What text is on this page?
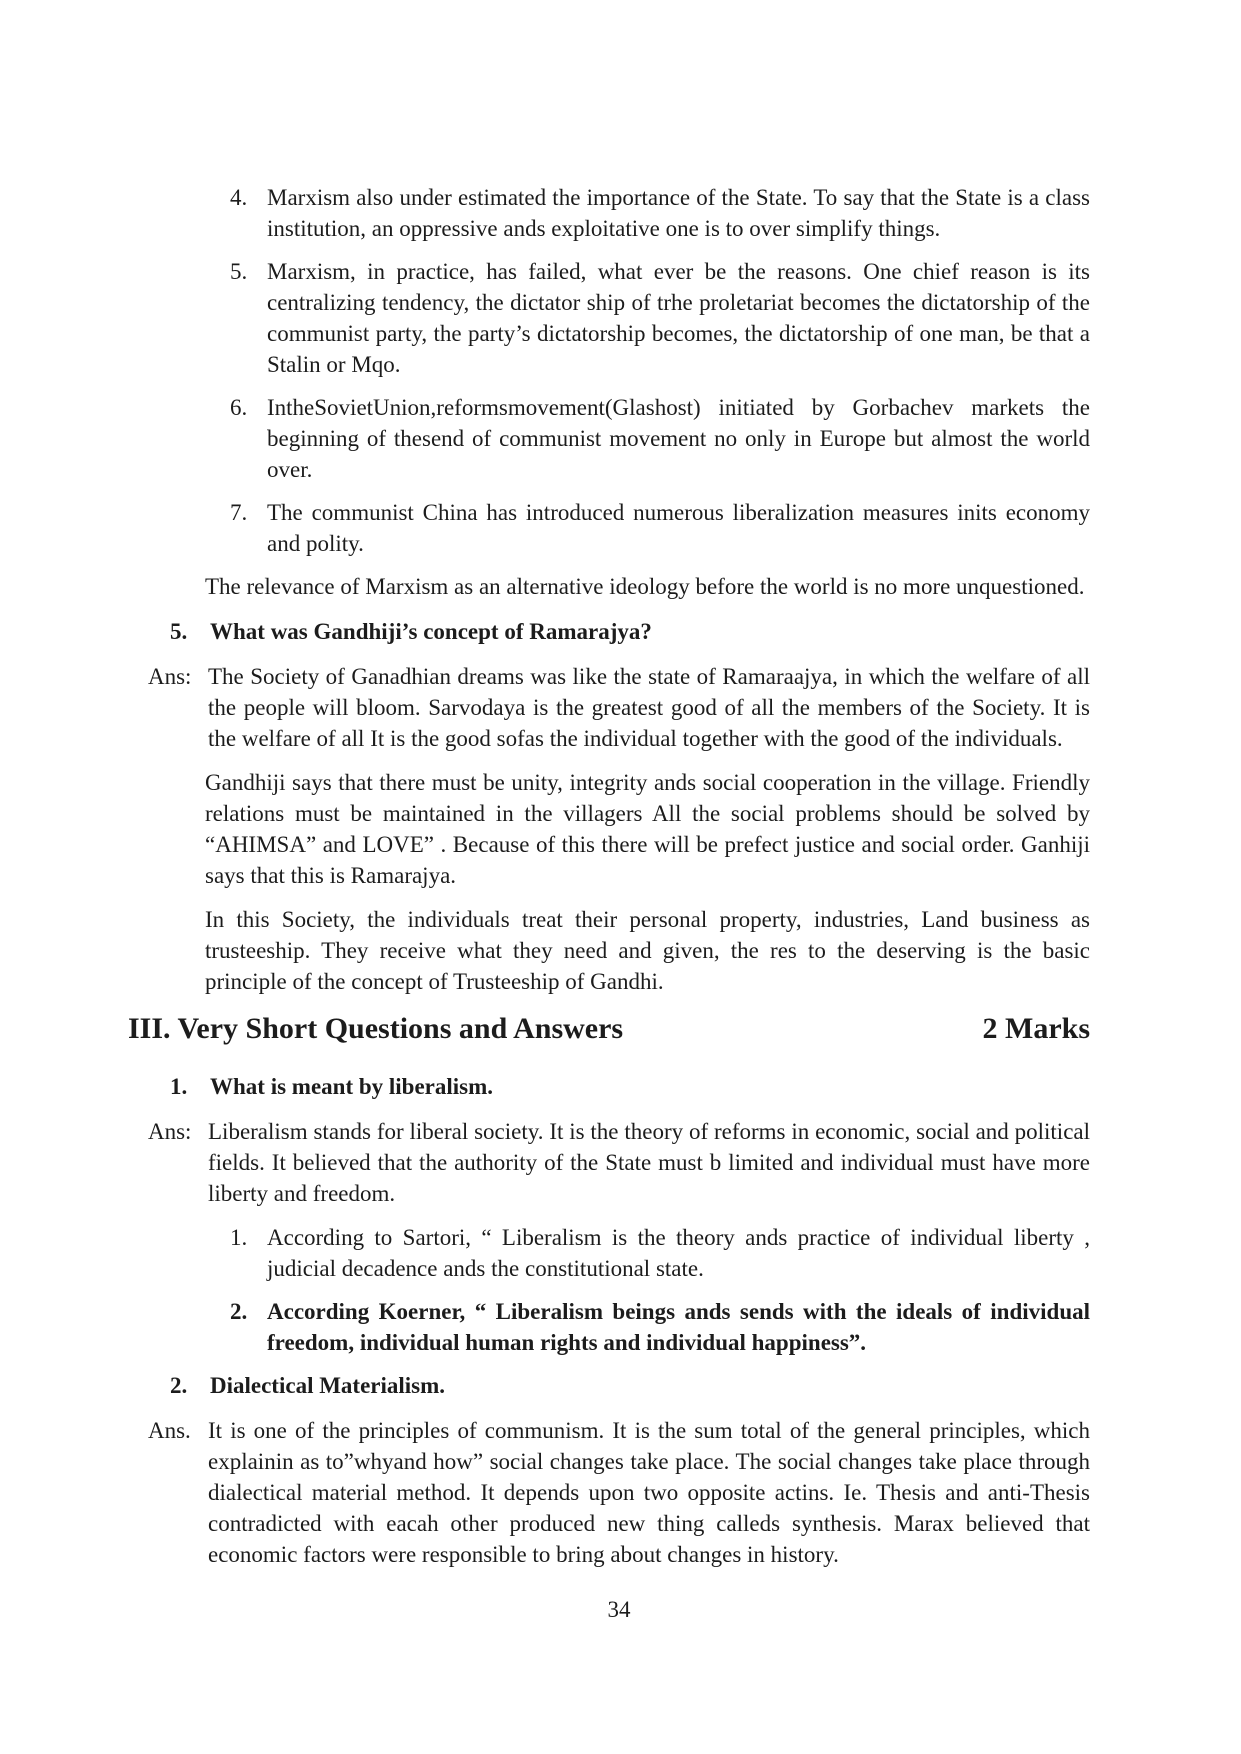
4. Marxism also under estimated the importance of the State. To say that the State is a class institution, an oppressive ands exploitative one is to over simplify things.
5. Marxism, in practice, has failed, what ever be the reasons. One chief reason is its centralizing tendency, the dictator ship of trhe proletariat becomes the dictatorship of the communist party, the party’s dictatorship becomes, the dictatorship of one man, be that a Stalin or Mqo.
6. IntheSovietUnion,reformsmovement(Glashost) initiated by Gorbachev markets the beginning of thesend of communist movement no only in Europe but almost the world over.
7. The communist China has introduced numerous liberalization measures inits economy and polity.

The relevance of Marxism as an alternative ideology before the world is no more unquestioned.

5. What was Gandhiji’s concept of Ramarajya?
Ans: The Society of Ganadhian dreams was like the state of Ramaraajya, in which the welfare of all the people will bloom. Sarvodaya is the greatest good of all the members of the Society. It is the welfare of all It is the good sofas the individual together with the good of the individuals.

Gandhiji says that there must be unity, integrity ands social cooperation in the village. Friendly relations must be maintained in the villagers All the social problems should be solved by “AHIMSA” and LOVE” . Because of this there will be prefect justice and social order. Ganhiji says that this is Ramarajya.

In this Society, the individuals treat their personal property, industries, Land business as trusteeship. They receive what they need and given, the res to the deserving is the basic principle of the concept of Trusteeship of Gandhi.

III. Very Short Questions and Answers	2 Marks
1. What is meant by liberalism.
Ans: Liberalism stands for liberal society. It is the theory of reforms in economic, social and political fields. It believed that the authority of the State must b limited and individual must have more liberty and freedom.
1. According to Sartori, “ Liberalism is the theory ands practice of individual liberty , judicial decadence ands the constitutional state.
2. According Koerner, “ Liberalism beings ands sends with the ideals of individual freedom, individual human rights and individual happiness”.
2. Dialectical Materialism.
Ans. It is one of the principles of communism. It is the sum total of the general principles, which explainin as to”whyand how” social changes take place. The social changes take place through dialectical material method. It depends upon two opposite actins. Ie. Thesis and anti-Thesis contradicted with eacah other produced new thing calleds synthesis. Marax believed that economic factors were responsible to bring about changes in history.
34
